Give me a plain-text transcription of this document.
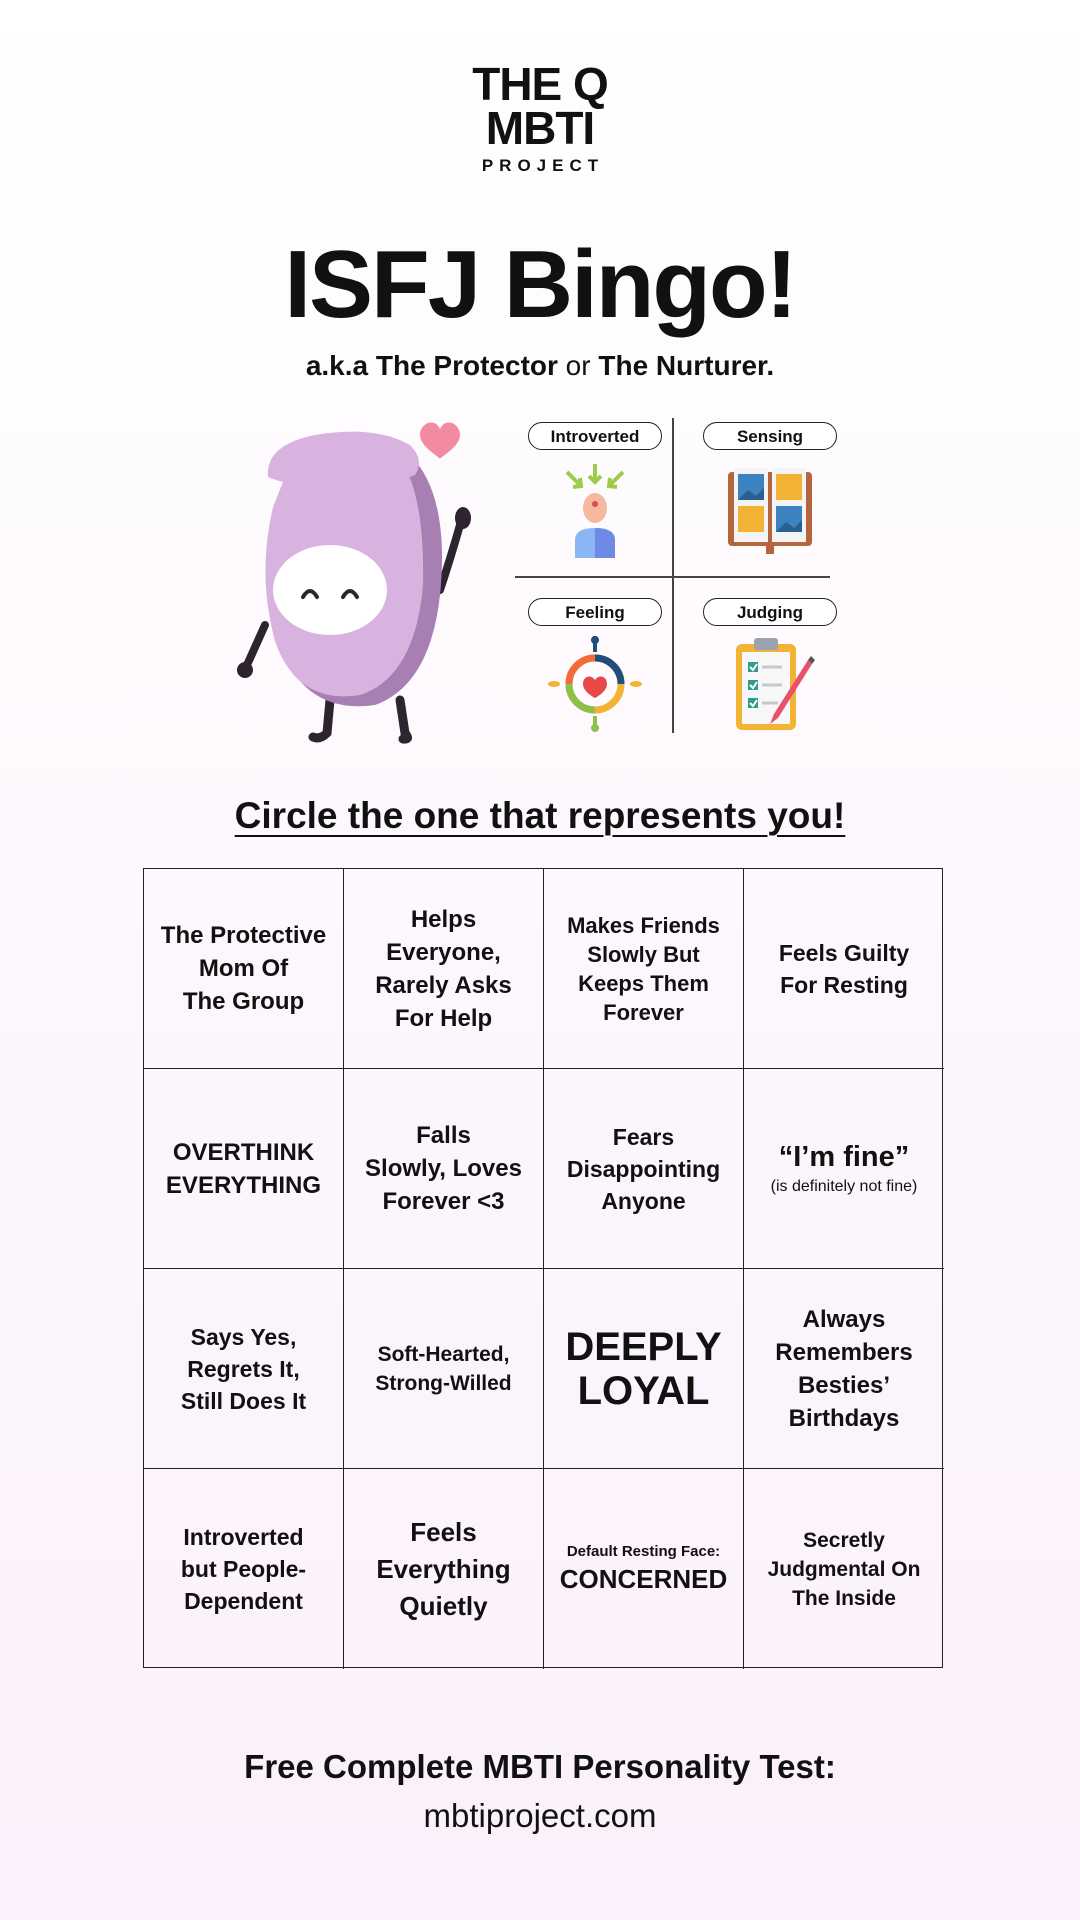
THE Q
MBTI
PROJECT
ISFJ Bingo!
a.k.a The Protector or The Nurturer.
Introverted	Sensing
Feeling	Judging
Circle the one that represents you!
The Protective
Mom Of
The Group
Helps
Everyone,
Rarely Asks
For Help
Makes Friends
Slowly But
Keeps Them
Forever
Feels Guilty
For Resting
OVERTHINK
EVERYTHING
Falls
Slowly, Loves
Forever <3
Fears
Disappointing
Anyone
“I’m fine”
(is definitely not fine)
Says Yes,
Regrets It,
Still Does It
Soft-Hearted,
Strong-Willed
DEEPLY
LOYAL
Always
Remembers
Besties’
Birthdays
Introverted
but People-
Dependent
Feels
Everything
Quietly
Default Resting Face:
CONCERNED
Secretly
Judgmental On
The Inside
Free Complete MBTI Personality Test:
mbtiproject.com
